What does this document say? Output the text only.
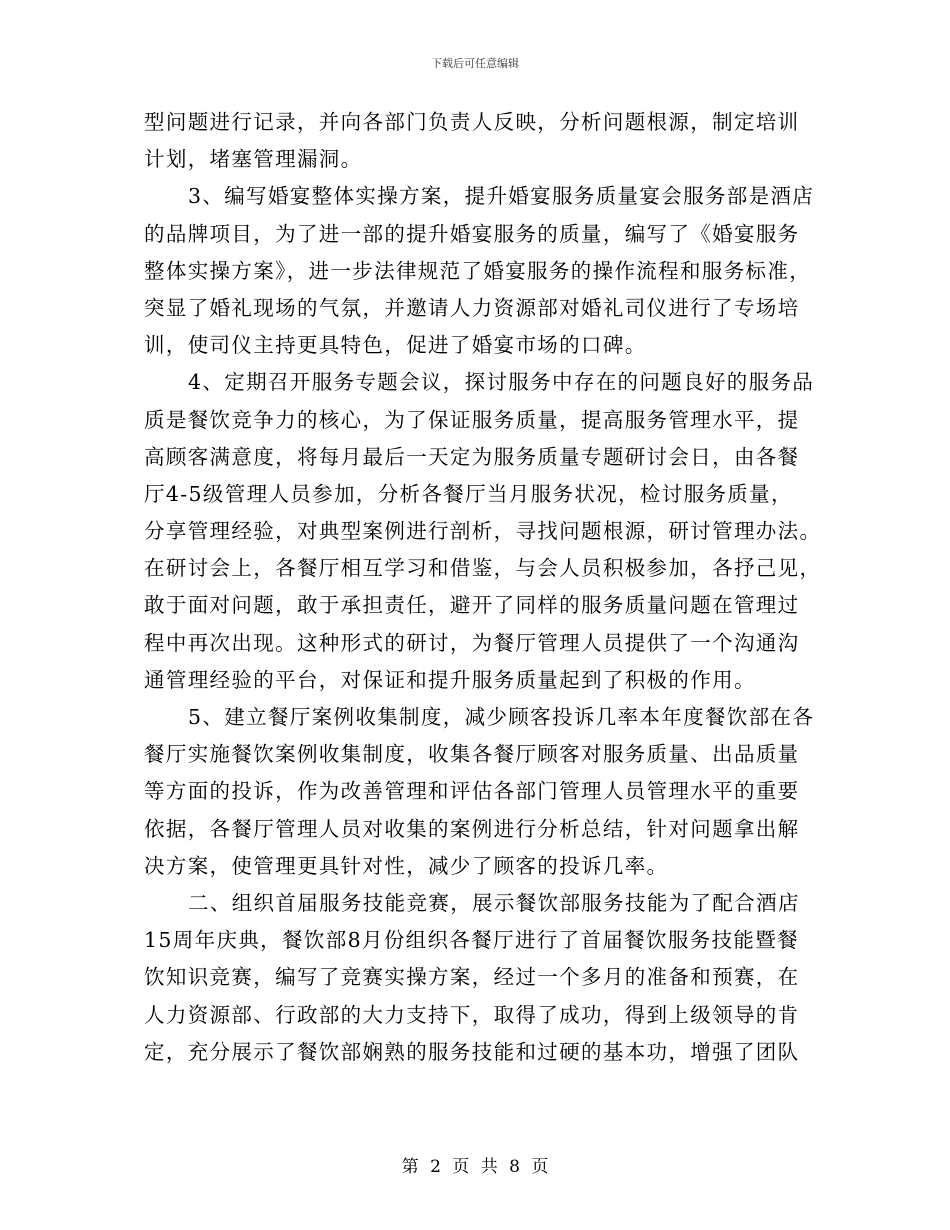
下载后可任意编辑
型问题进行记录，并向各部门负责人反映，分析问题根源，制定培训
计划，堵塞管理漏洞。
3、编写婚宴整体实操方案，提升婚宴服务质量宴会服务部是酒店
的品牌项目，为了进一部的提升婚宴服务的质量，编写了《婚宴服务
整体实操方案》，进一步法律规范了婚宴服务的操作流程和服务标准，
突显了婚礼现场的气氛，并邀请人力资源部对婚礼司仪进行了专场培
训，使司仪主持更具特色，促进了婚宴市场的口碑。
4、定期召开服务专题会议，探讨服务中存在的问题良好的服务品
质是餐饮竞争力的核心，为了保证服务质量，提高服务管理水平，提
高顾客满意度，将每月最后一天定为服务质量专题研讨会日，由各餐
厅4-5级管理人员参加，分析各餐厅当月服务状况，检讨服务质量，
分享管理经验，对典型案例进行剖析，寻找问题根源，研讨管理办法。
在研讨会上，各餐厅相互学习和借鉴，与会人员积极参加，各抒己见，
敢于面对问题，敢于承担责任，避开了同样的服务质量问题在管理过
程中再次出现。这种形式的研讨，为餐厅管理人员提供了一个沟通沟
通管理经验的平台，对保证和提升服务质量起到了积极的作用。
5、建立餐厅案例收集制度，减少顾客投诉几率本年度餐饮部在各
餐厅实施餐饮案例收集制度，收集各餐厅顾客对服务质量、出品质量
等方面的投诉，作为改善管理和评估各部门管理人员管理水平的重要
依据，各餐厅管理人员对收集的案例进行分析总结，针对问题拿出解
决方案，使管理更具针对性，减少了顾客的投诉几率。
二、组织首届服务技能竞赛，展示餐饮部服务技能为了配合酒店
15周年庆典，餐饮部8月份组织各餐厅进行了首届餐饮服务技能暨餐
饮知识竞赛，编写了竞赛实操方案，经过一个多月的准备和预赛，在
人力资源部、行政部的大力支持下，取得了成功，得到上级领导的肯
定，充分展示了餐饮部娴熟的服务技能和过硬的基本功，增强了团队
第 2 页 共 8 页
